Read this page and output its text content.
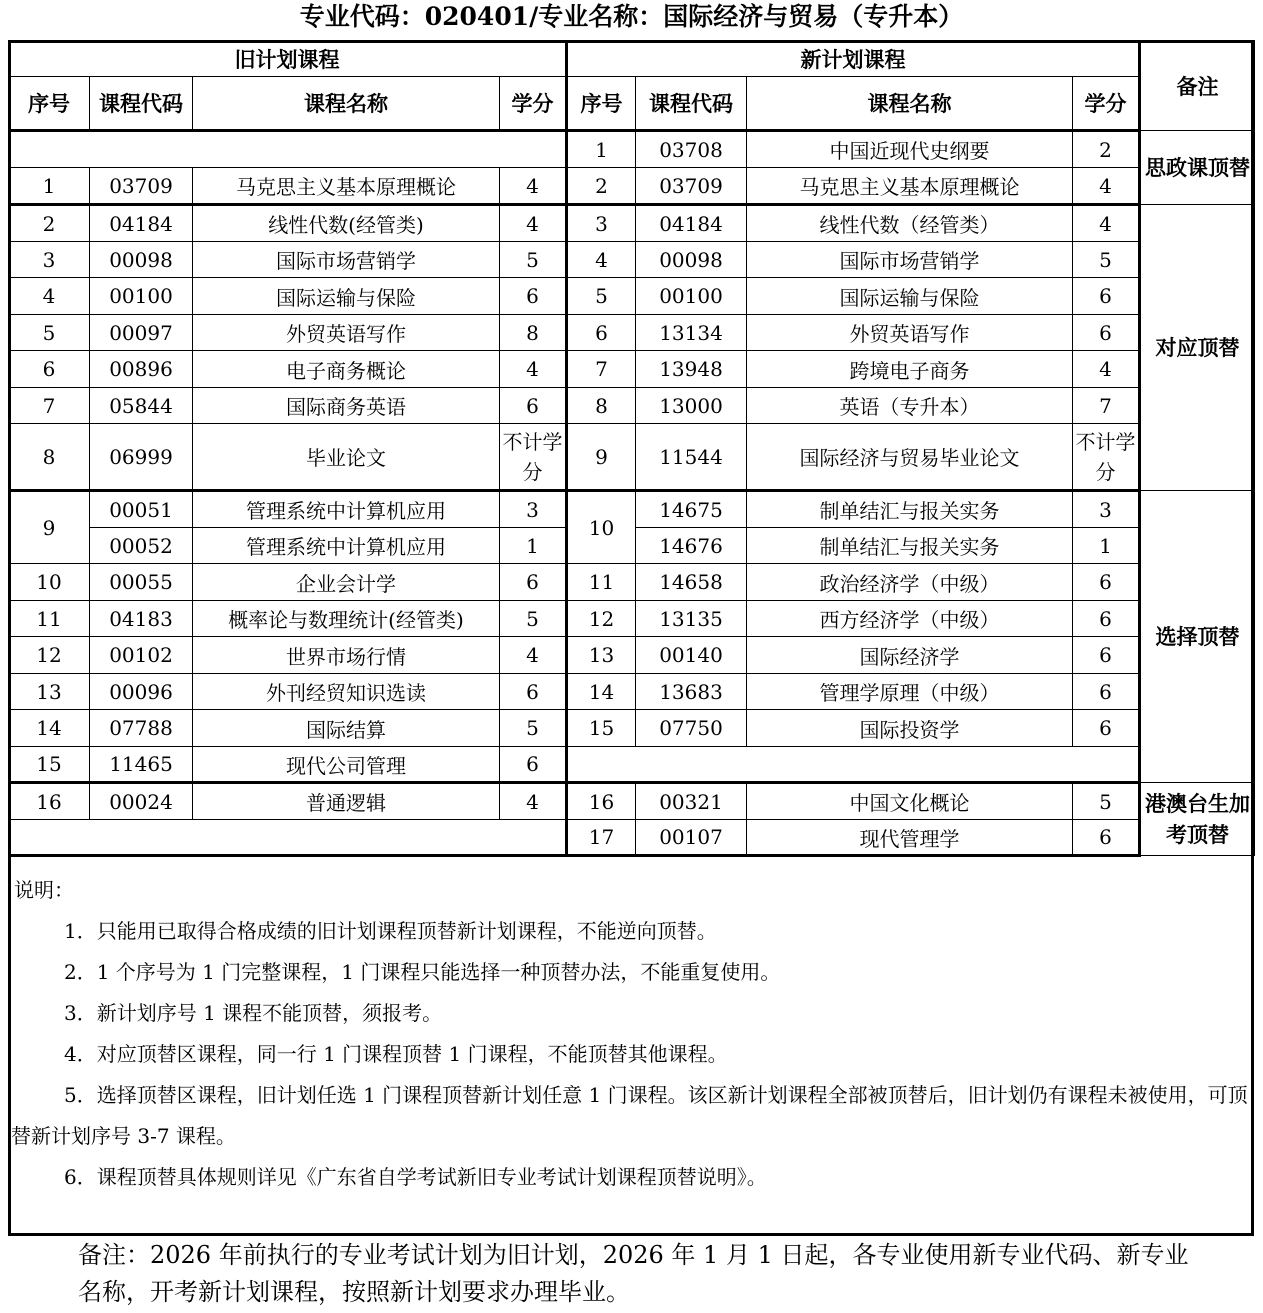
专业代码：020401/专业名称：国际经济与贸易（专升本）
旧计划课程				新计划课程				备注
序号	课程代码	课程名称	学分	序号	课程代码	课程名称	学分	
				1	03708	中国近现代史纲要	2	思政课顶替
1	03709	马克思主义基本原理概论	4	2	03709	马克思主义基本原理概论	4	
2	04184	线性代数(经管类)	4	3	04184	线性代数（经管类）	4	对应顶替
3	00098	国际市场营销学	5	4	00098	国际市场营销学	5	
4	00100	国际运输与保险	6	5	00100	国际运输与保险	6	
5	00097	外贸英语写作	8	6	13134	外贸英语写作	6	
6	00896	电子商务概论	4	7	13948	跨境电子商务	4	
7	05844	国际商务英语	6	8	13000	英语（专升本）	7	
8	06999	毕业论文	不计学分	9	11544	国际经济与贸易毕业论文	不计学分	
9	00051	管理系统中计算机应用	3	10	14675	制单结汇与报关实务	3	选择顶替
	00052	管理系统中计算机应用	1		14676	制单结汇与报关实务	1	
10	00055	企业会计学	6	11	14658	政治经济学（中级）	6	
11	04183	概率论与数理统计(经管类)	5	12	13135	西方经济学（中级）	6	
12	00102	世界市场行情	4	13	00140	国际经济学	6	
13	00096	外刊经贸知识选读	6	14	13683	管理学原理（中级）	6	
14	07788	国际结算	5	15	07750	国际投资学	6	
15	11465	现代公司管理	6					
16	00024	普通逻辑	4	16	00321	中国文化概论	5	港澳台生加考顶替
				17	00107	现代管理学	6	
说明：

1．只能用已取得合格成绩的旧计划课程顶替新计划课程，不能逆向顶替。

2．1 个序号为 1 门完整课程，1 门课程只能选择一种顶替办法，不能重复使用。

3．新计划序号 1 课程不能顶替，须报考。

4．对应顶替区课程，同一行 1 门课程顶替 1 门课程，不能顶替其他课程。

5．选择顶替区课程，旧计划任选 1 门课程顶替新计划任意 1 门课程。该区新计划课程全部被顶替后，旧计划仍有课程未被使用，可顶替新计划序号 3-7 课程。

6．课程顶替具体规则详见《广东省自学考试新旧专业考试计划课程顶替说明》。

备注：2026 年前执行的专业考试计划为旧计划，2026 年 1 月 1 日起，各专业使用新专业代码、新专业名称，开考新计划课程，按照新计划要求办理毕业。
